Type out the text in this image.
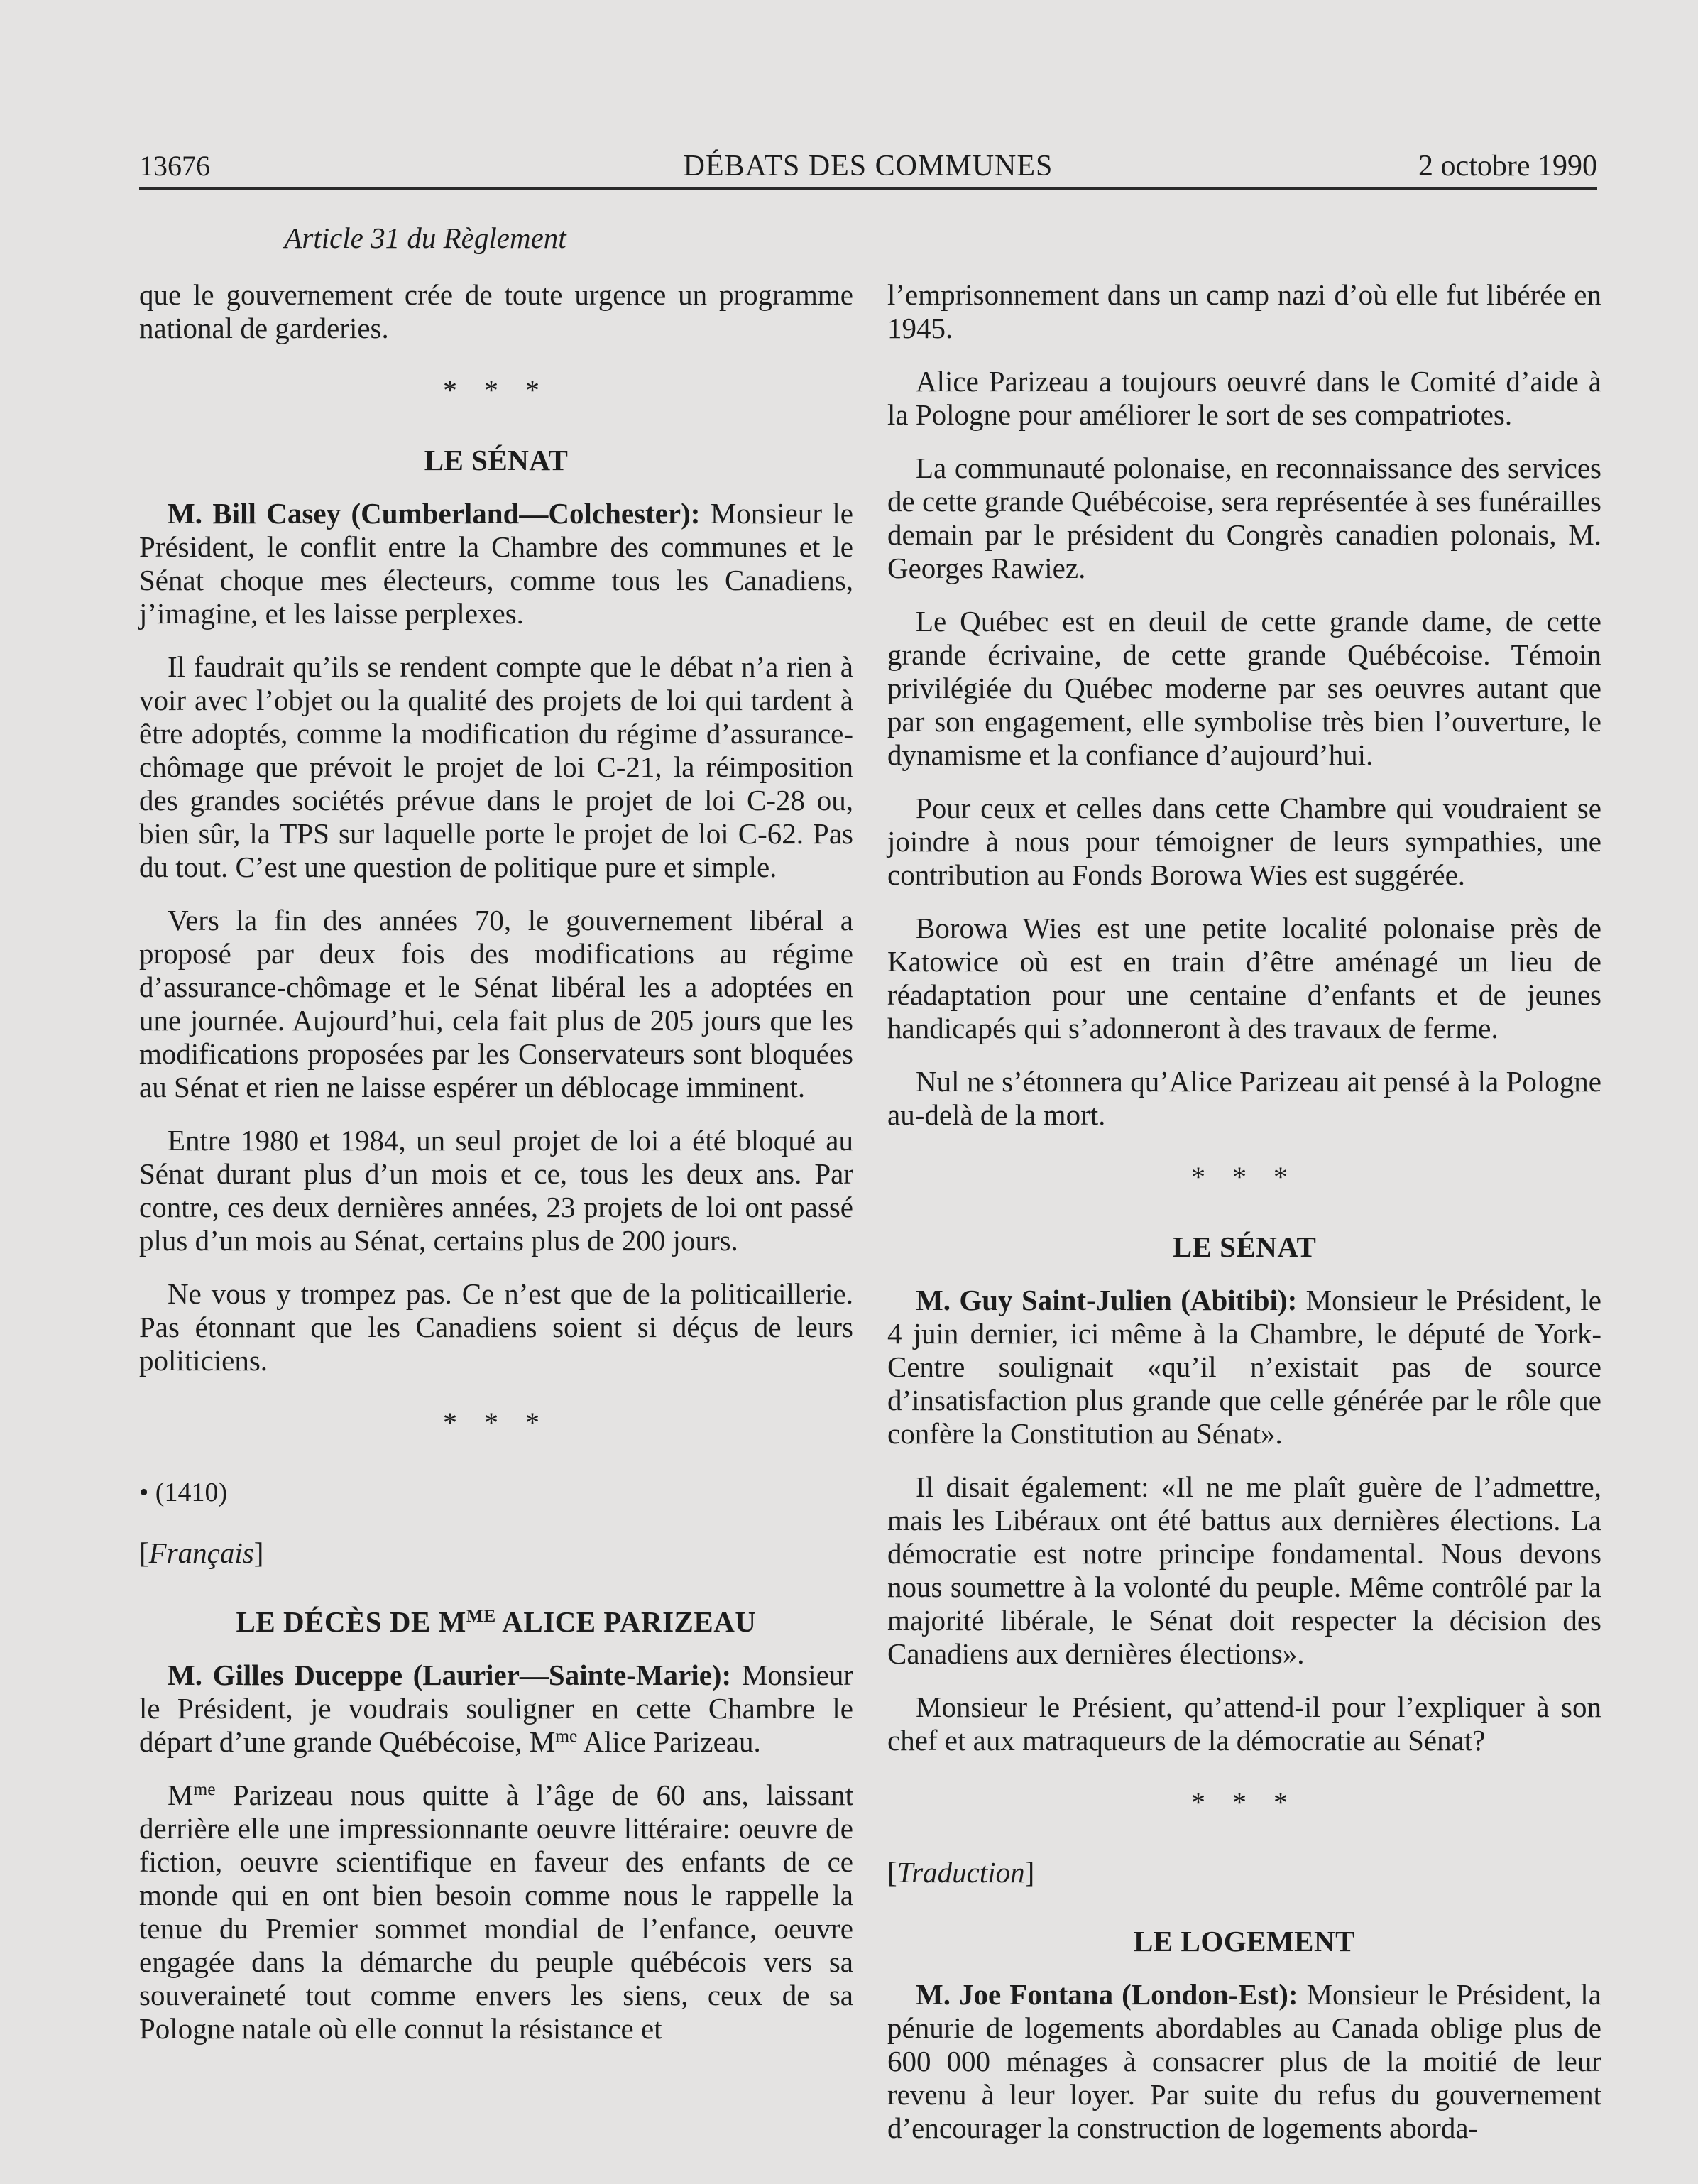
13676	DÉBATS DES COMMUNES	2 octobre 1990
Article 31 du Règlement

que le gouvernement crée de toute urgence un programme national de garderies.

* * *
LE SÉNAT

M. Bill Casey (Cumberland—Colchester): Monsieur le Président, le conflit entre la Chambre des communes et le Sénat choque mes électeurs, comme tous les Canadiens, j’imagine, et les laisse perplexes.

Il faudrait qu’ils se rendent compte que le débat n’a rien à voir avec l’objet ou la qualité des projets de loi qui tardent à être adoptés, comme la modification du régime d’assurance-chômage que prévoit le projet de loi C-21, la réimposition des grandes sociétés prévue dans le projet de loi C-28 ou, bien sûr, la TPS sur laquelle porte le projet de loi C-62. Pas du tout. C’est une question de politique pure et simple.

Vers la fin des années 70, le gouvernement libéral a proposé par deux fois des modifications au régime d’assurance-chômage et le Sénat libéral les a adoptées en une journée. Aujourd’hui, cela fait plus de 205 jours que les modifications proposées par les Conservateurs sont bloquées au Sénat et rien ne laisse espérer un déblocage imminent.

Entre 1980 et 1984, un seul projet de loi a été bloqué au Sénat durant plus d’un mois et ce, tous les deux ans. Par contre, ces deux dernières années, 23 projets de loi ont passé plus d’un mois au Sénat, certains plus de 200 jours.

Ne vous y trompez pas. Ce n’est que de la politicaillerie. Pas étonnant que les Canadiens soient si déçus de leurs politiciens.

* * *
• (1410)
[Français]
LE DÉCÈS DE $M^{ME}$ ALICE PARIZEAU

M. Gilles Duceppe (Laurier—Sainte-Marie): Monsieur le Président, je voudrais souligner en cette Chambre le départ d’une grande Québécoise, $M^{me}$ Alice Parizeau.

$M^{me}$ Parizeau nous quitte à l’âge de 60 ans, laissant derrière elle une impressionnante oeuvre littéraire: oeuvre de fiction, oeuvre scientifique en faveur des enfants de ce monde qui en ont bien besoin comme nous le rappelle la tenue du Premier sommet mondial de l’enfance, oeuvre engagée dans la démarche du peuple québécois vers sa souveraineté tout comme envers les siens, ceux de sa Pologne natale où elle connut la résistance et

l’emprisonnement dans un camp nazi d’où elle fut libérée en 1945.

Alice Parizeau a toujours oeuvré dans le Comité d’aide à la Pologne pour améliorer le sort de ses compatriotes.

La communauté polonaise, en reconnaissance des services de cette grande Québécoise, sera représentée à ses funérailles demain par le président du Congrès canadien polonais, M. Georges Rawiez.

Le Québec est en deuil de cette grande dame, de cette grande écrivaine, de cette grande Québécoise. Témoin privilégiée du Québec moderne par ses oeuvres autant que par son engagement, elle symbolise très bien l’ouverture, le dynamisme et la confiance d’aujourd’hui.

Pour ceux et celles dans cette Chambre qui voudraient se joindre à nous pour témoigner de leurs sympathies, une contribution au Fonds Borowa Wies est suggérée.

Borowa Wies est une petite localité polonaise près de Katowice où est en train d’être aménagé un lieu de réadaptation pour une centaine d’enfants et de jeunes handicapés qui s’adonneront à des travaux de ferme.

Nul ne s’étonnera qu’Alice Parizeau ait pensé à la Pologne au-delà de la mort.

* * *
LE SÉNAT

M. Guy Saint-Julien (Abitibi): Monsieur le Président, le 4 juin dernier, ici même à la Chambre, le député de York-Centre soulignait «qu’il n’existait pas de source d’insatisfaction plus grande que celle générée par le rôle que confère la Constitution au Sénat».

Il disait également: «Il ne me plaît guère de l’admettre, mais les Libéraux ont été battus aux dernières élections. La démocratie est notre principe fondamental. Nous devons nous soumettre à la volonté du peuple. Même contrôlé par la majorité libérale, le Sénat doit respecter la décision des Canadiens aux dernières élections».

Monsieur le Présient, qu’attend-il pour l’expliquer à son chef et aux matraqueurs de la démocratie au Sénat?

* * *
[Traduction]
LE LOGEMENT

M. Joe Fontana (London-Est): Monsieur le Président, la pénurie de logements abordables au Canada oblige plus de 600 000 ménages à consacrer plus de la moitié de leur revenu à leur loyer. Par suite du refus du gouvernement d’encourager la construction de logements aborda-
